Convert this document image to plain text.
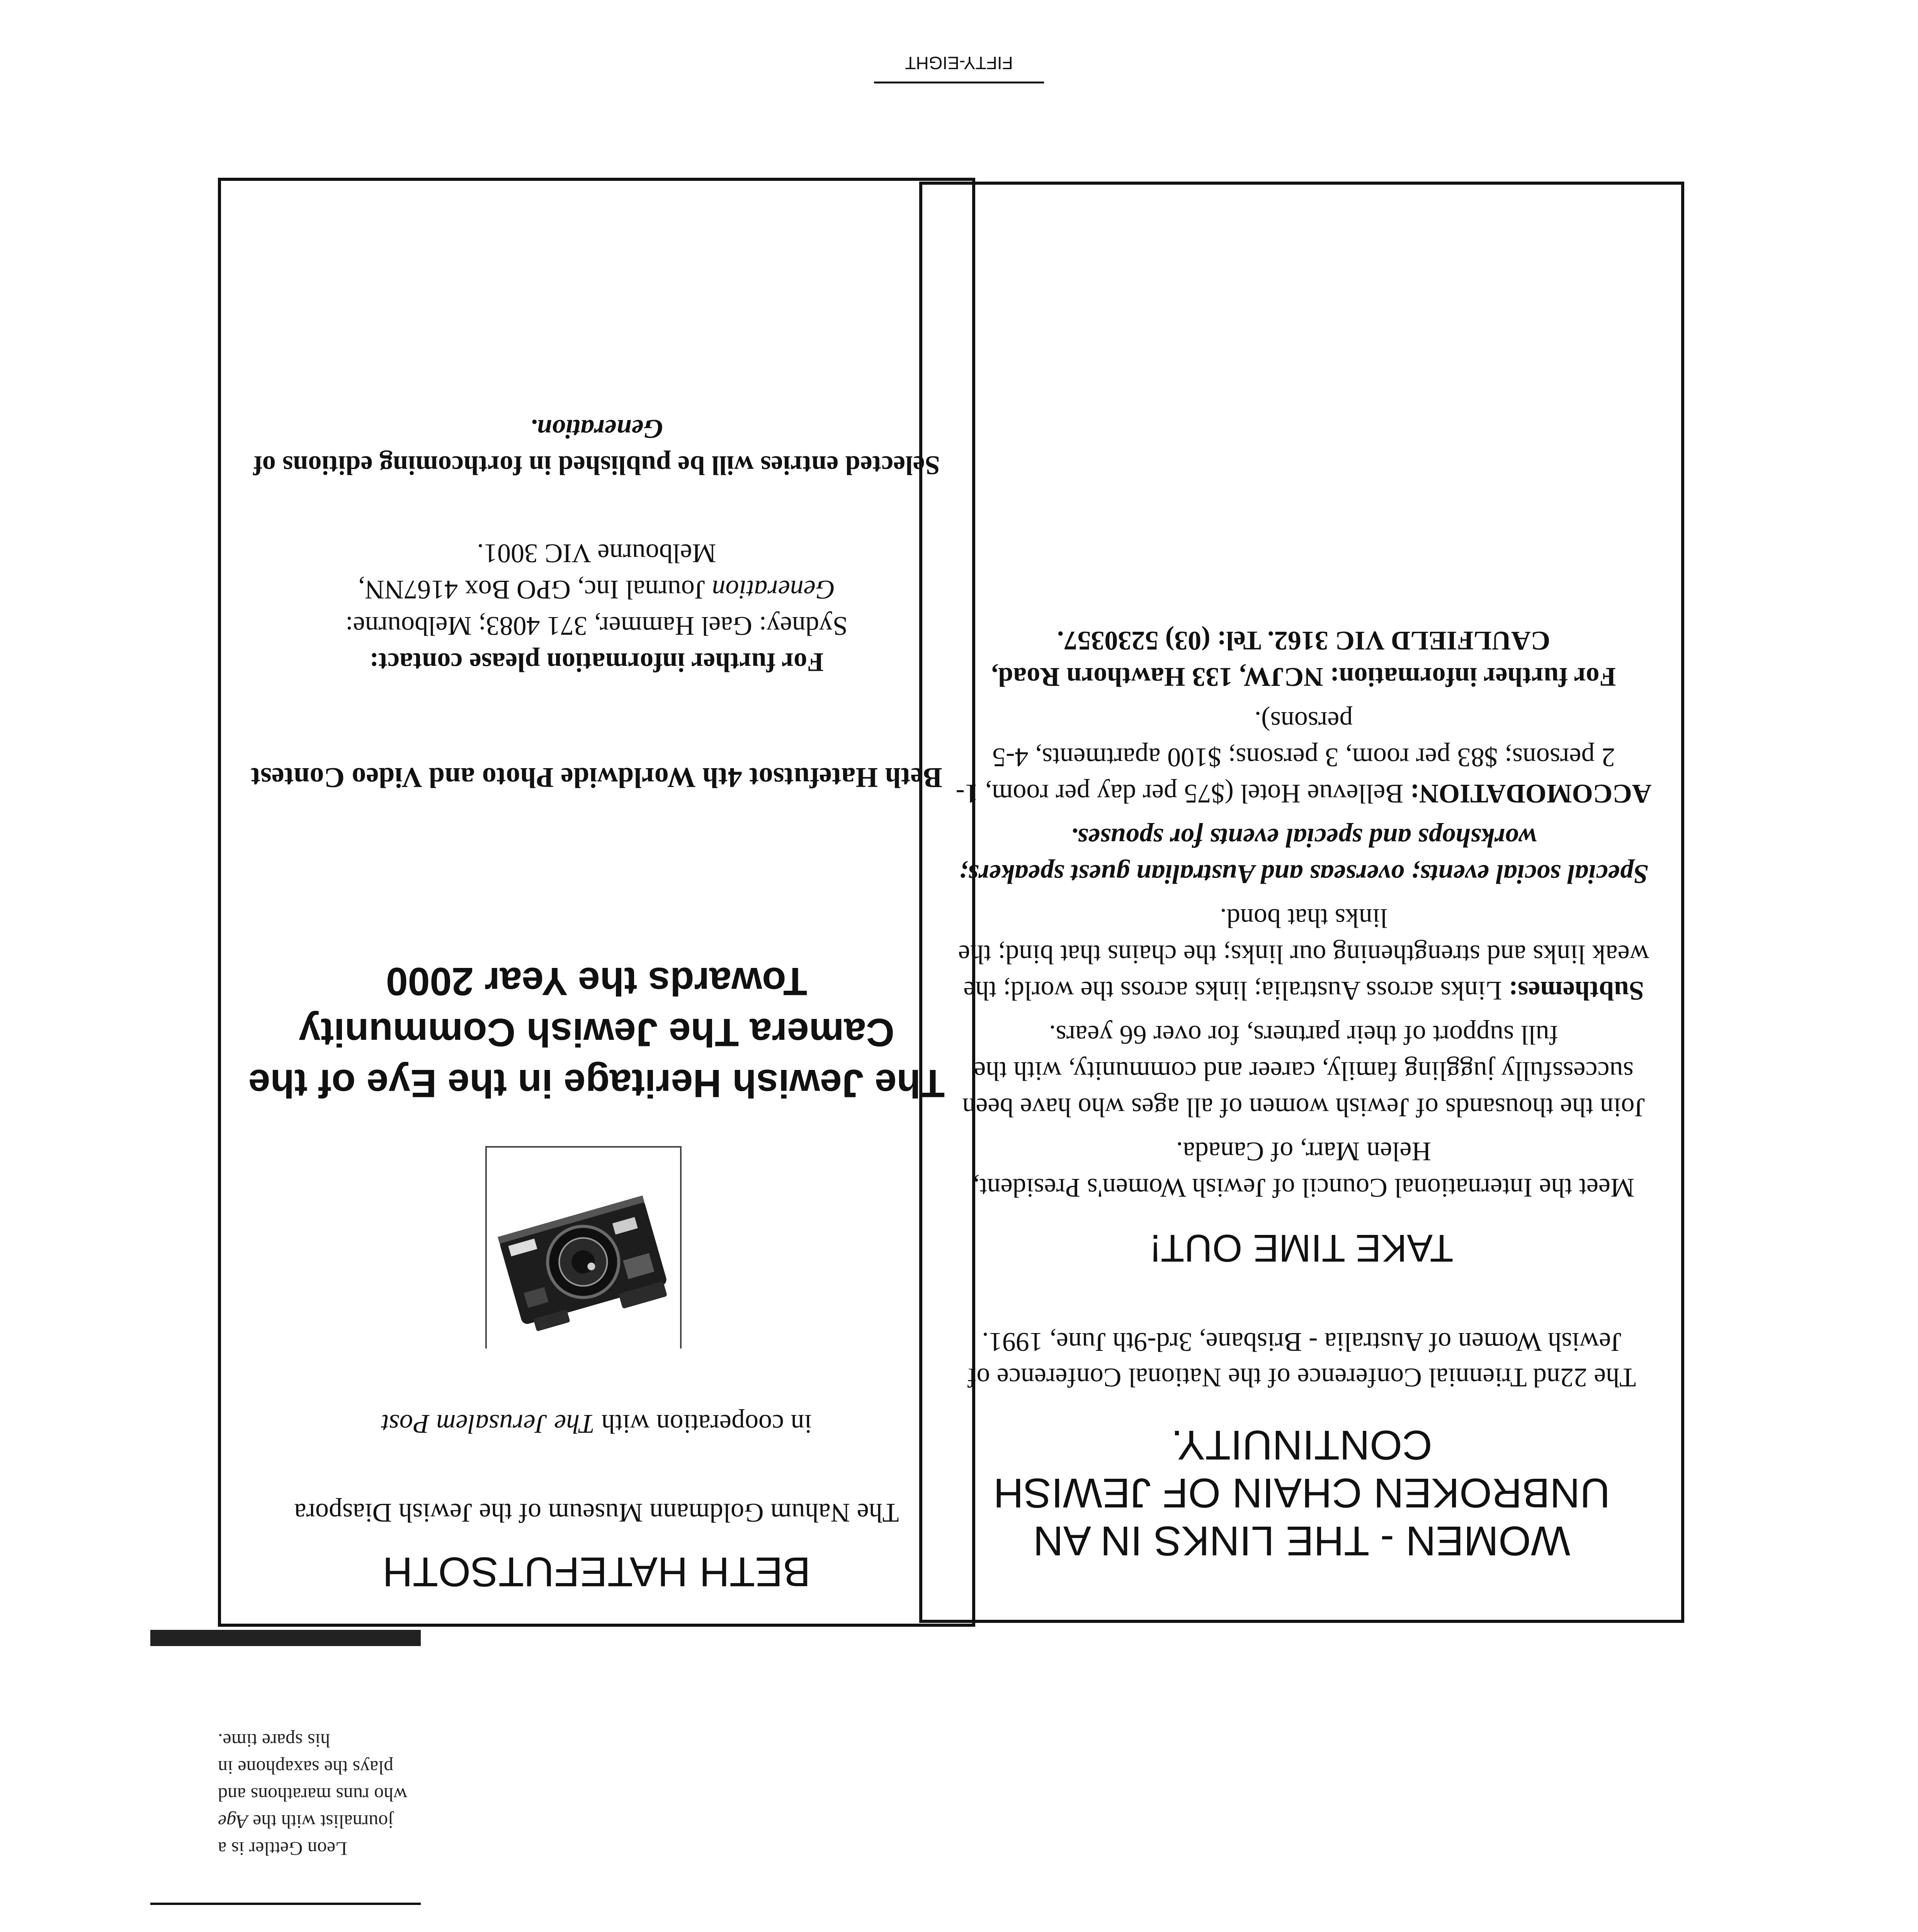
Leon Gettler is a journalist with the Age who runs marathons and plays the saxaphone in his spare time.
BETH HATEFUTSOTH
The Nahum Goldmann Museum of the Jewish Diaspora
in cooperation with The Jerusalem Post
The Jewish Heritage in the Eye of the Camera The Jewish Community Towards the Year 2000
Beth Hatefutsot 4th Worldwide Photo and Video Contest
For further information please contact:
Sydney: Gael Hammer, 371 4083; Melbourne:
Generation Journal Inc, GPO Box 4167NN,
Melbourne VIC 3001.
Selected entries will be published in forthcoming editions of Generation.
WOMEN - THE LINKS IN AN UNBROKEN CHAIN OF JEWISH CONTINUITY.
The 22nd Triennial Conference of the National Conference of Jewish Women of Australia - Brisbane, 3rd-9th June, 1991.
TAKE TIME OUT!

Meet the International Council of Jewish Women's President, Helen Marr, of Canada.

Join the thousands of Jewish women of all ages who have been successfully juggling family, career and community, with the full support of their partners, for over 66 years.

Subthemes: Links across Australia; links across the world; the weak links and strengthening our links; the chains that bind; the links that bond.

Special social events; overseas and Australian guest speakers; workshops and special events for spouses.

ACCOMODATION: Bellevue Hotel ($75 per day per room, 1-2 persons; $83 per room, 3 persons; $100 apartments, 4-5 persons).

For further information: NCJW, 133 Hawthorn Road, CAULFIELD VIC 3162. Tel: (03) 5230357.

FIFTY-EIGHT
